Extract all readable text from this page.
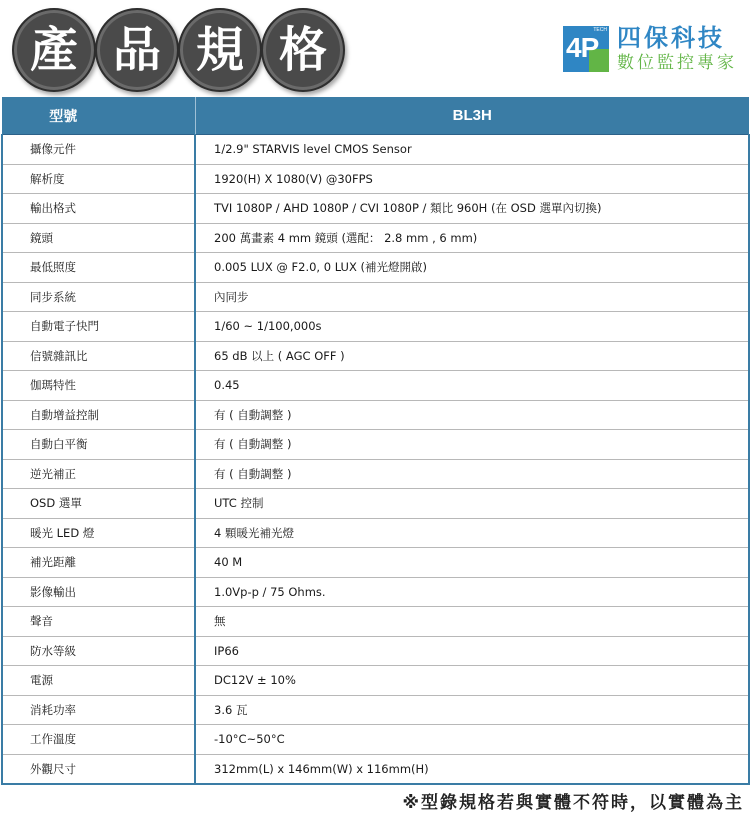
產 品 規 格	TECH
4P 四保科技
數位監控專家
型號	BL3H
攝像元件	1/2.9" STARVIS level CMOS Sensor
解析度	1920(H) X 1080(V) @30FPS
輸出格式	TVI 1080P / AHD 1080P / CVI 1080P / 類比 960H (在 OSD 選單內切換)
鏡頭	200 萬畫素 4 mm 鏡頭 (選配： 2.8 mm , 6 mm)
最低照度	0.005 LUX @ F2.0, 0 LUX (補光燈開啟)
同步系統	內同步
自動電子快門	1/60 ~ 1/100,000s
信號雜訊比	65 dB 以上 ( AGC OFF )
伽瑪特性	0.45
自動增益控制	有 ( 自動調整 )
自動白平衡	有 ( 自動調整 )
逆光補正	有 ( 自動調整 )
OSD 選單	UTC 控制
暖光 LED 燈	4 顆暖光補光燈
補光距離	40 M
影像輸出	1.0Vp-p / 75 Ohms.
聲音	無
防水等級	IP66
電源	DC12V ± 10%
消耗功率	3.6 瓦
工作溫度	-10°C~50°C
外觀尺寸	312mm(L) x 146mm(W) x 116mm(H)
※型錄規格若與實體不符時，以實體為主
